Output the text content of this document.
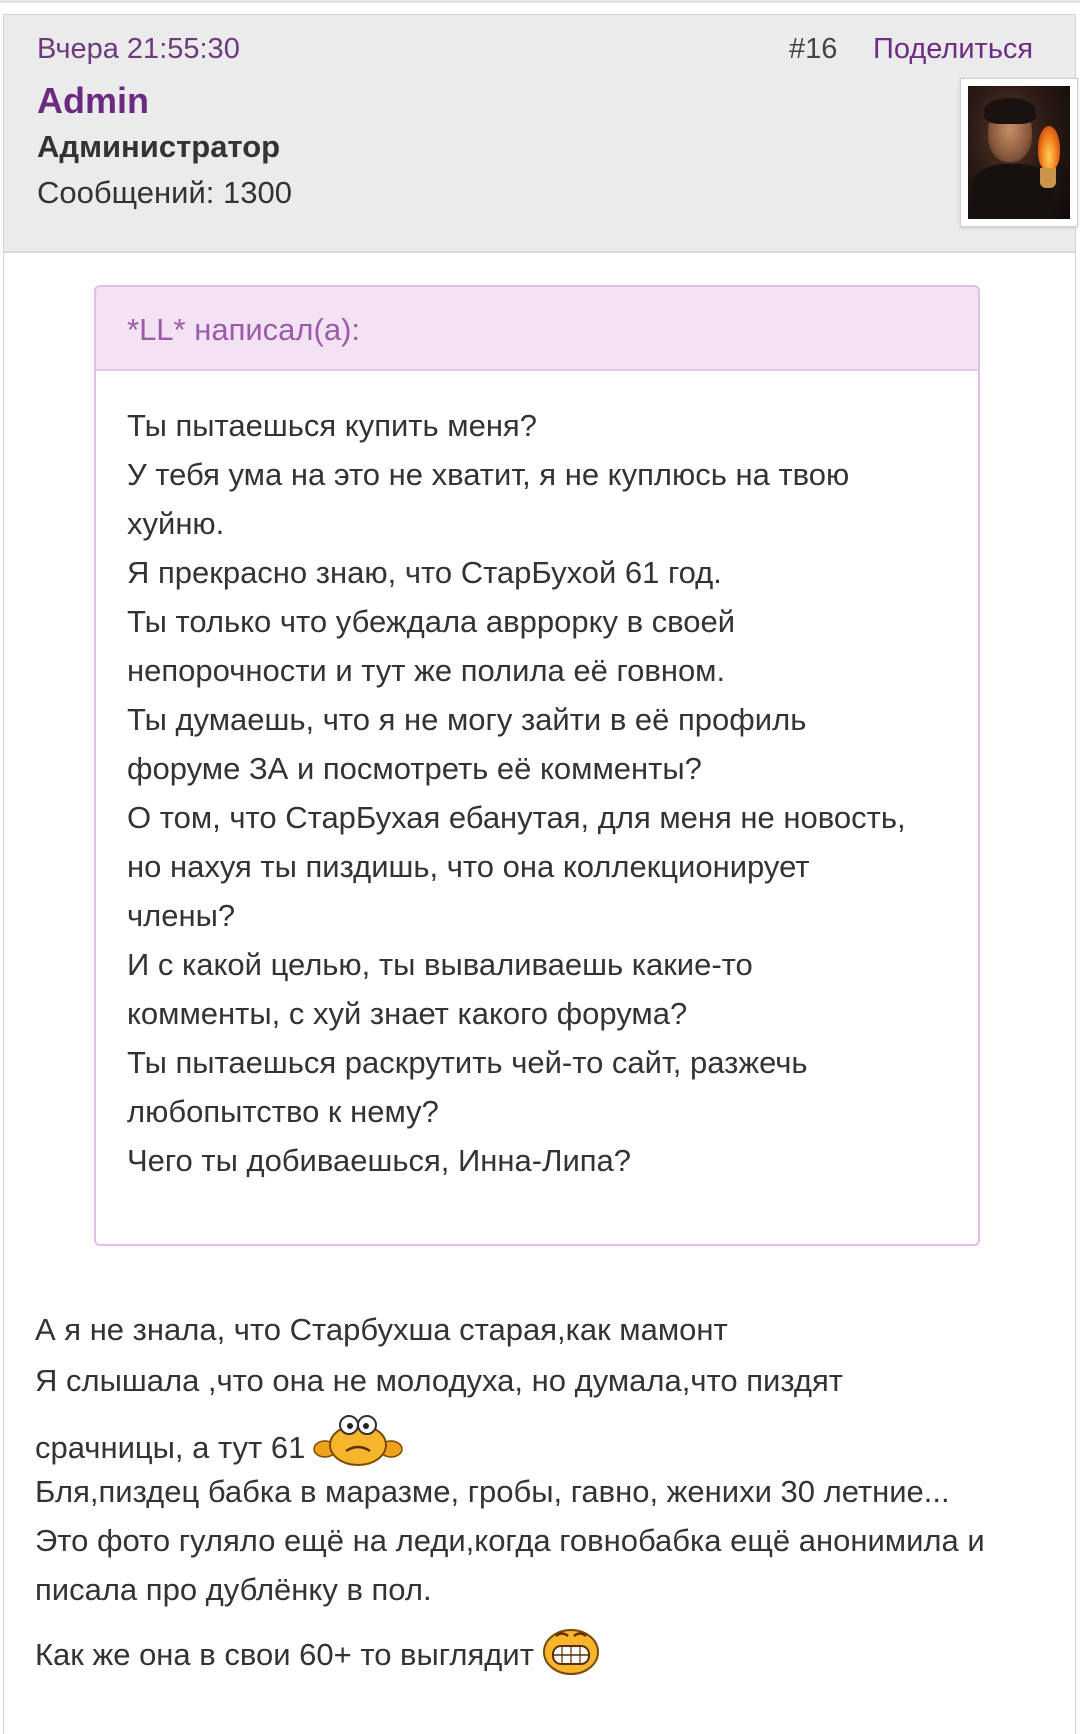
Вчера 21:55:30	#16 Поделиться
Admin
Администратор
Сообщений: 1300
*LL* написал(а):

Ты пытаешься купить меня?

У тебя ума на это не хватит, я не куплюсь на твою

хуйню.

Я прекрасно знаю, что СтарБухой 61 год.

Ты только что убеждала авррорку в своей

непорочности и тут же полила её говном.

Ты думаешь, что я не могу зайти в её профиль

форуме ЗА и посмотреть её комменты?

О том, что СтарБухая ебанутая, для меня не новость,

но нахуя ты пиздишь, что она коллекционирует

члены?

И с какой целью, ты вываливаешь какие-то

комменты, с хуй знает какого форума?

Ты пытаешься раскрутить чей-то сайт, разжечь

любопытство к нему?

Чего ты добиваешься, Инна-Липа?

А я не знала, что Старбухша старая,как мамонт

Я слышала ,что она не молодуха, но думала,что пиздят

срачницы, а тут 61

Бля,пиздец бабка в маразме, гробы, гавно, женихи 30 летние...

Это фото гуляло ещё на леди,когда говнобабка ещё анонимила и

писала про дублёнку в пол.

Как же она в свои 60+ то выглядит
